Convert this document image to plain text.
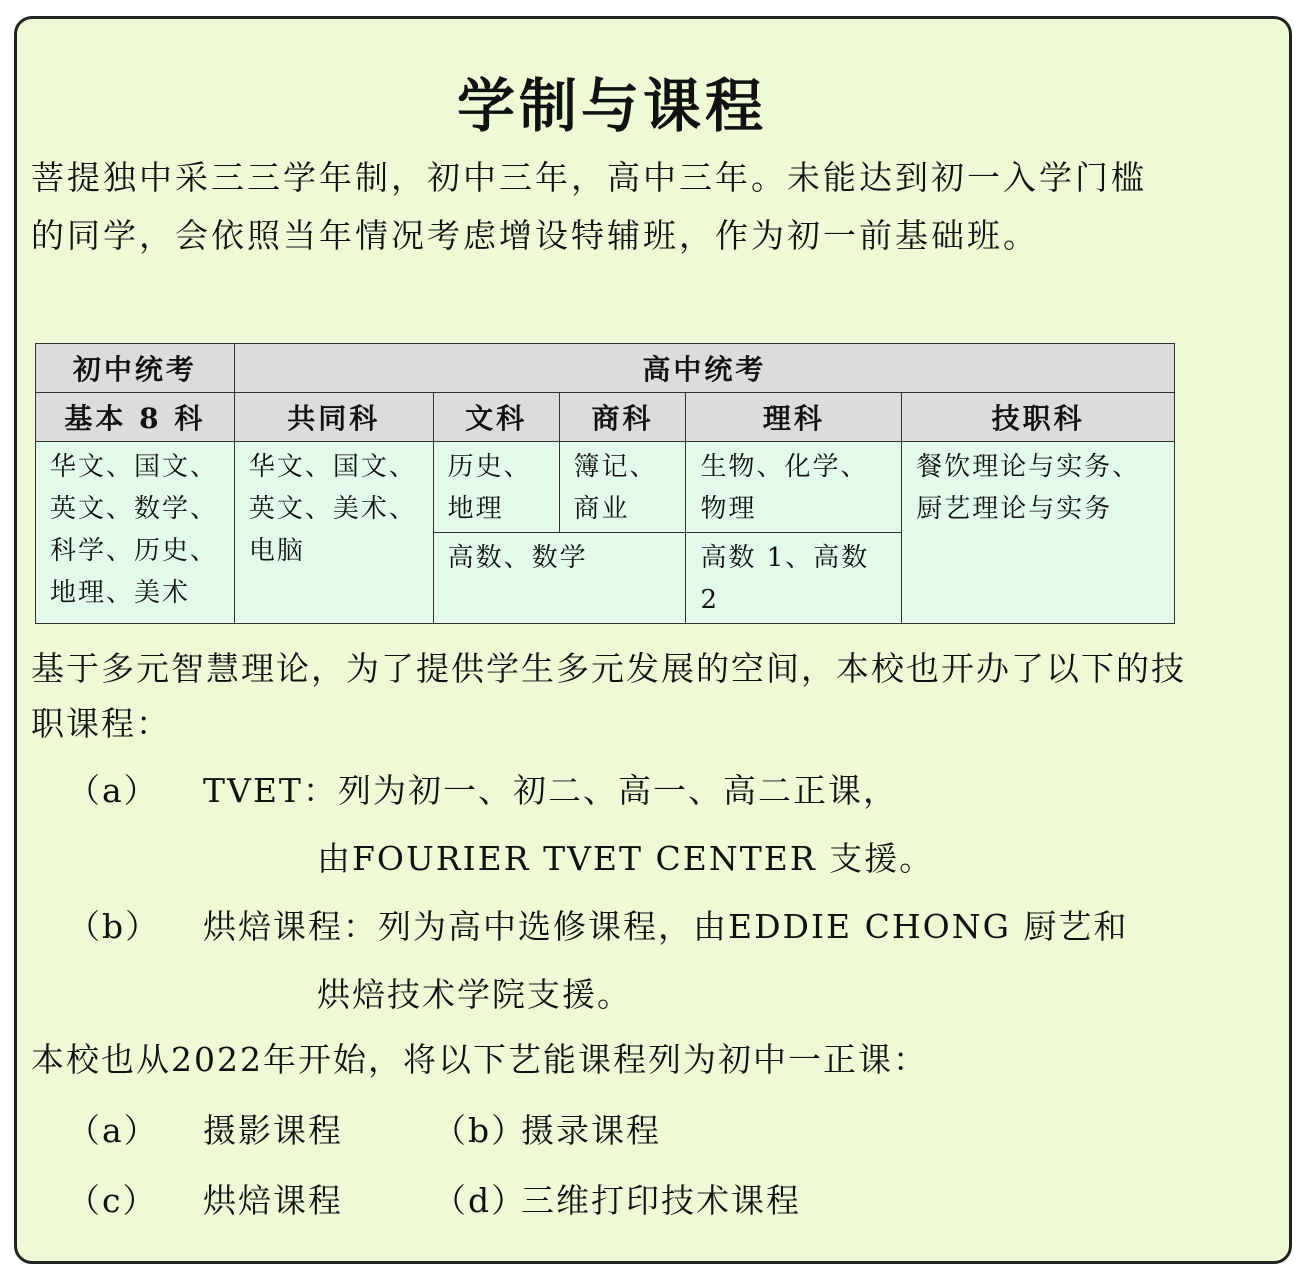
学制与课程
菩提独中采三三学年制，初中三年，高中三年。未能达到初一入学门槛的同学，会依照当年情况考虑增设特辅班，作为初一前基础班。
初中统考	高中统考				
基本 8 科	共同科	文科	商科	理科	技职科
华文、国文、英文、数学、科学、历史、地理、美术	华文、国文、英文、美术、电脑	历史、地理	簿记、商业	生物、化学、物理	餐饮理论与实务、厨艺理论与实务
		高数、数学		高数 1、高数 2	
基于多元智慧理论，为了提供学生多元发展的空间，本校也开办了以下的技职课程：
（a） TVET：列为初一、初二、高一、高二正课，
由FOURIER TVET CENTER 支援。
（b） 烘焙课程：列为高中选修课程，由EDDIE CHONG 厨艺和
烘焙技术学院支援。
本校也从2022年开始，将以下艺能课程列为初中一正课：
（a） 摄影课程	（b）
摄录课程
（c） 烘焙课程	（d）
三维打印技术课程
